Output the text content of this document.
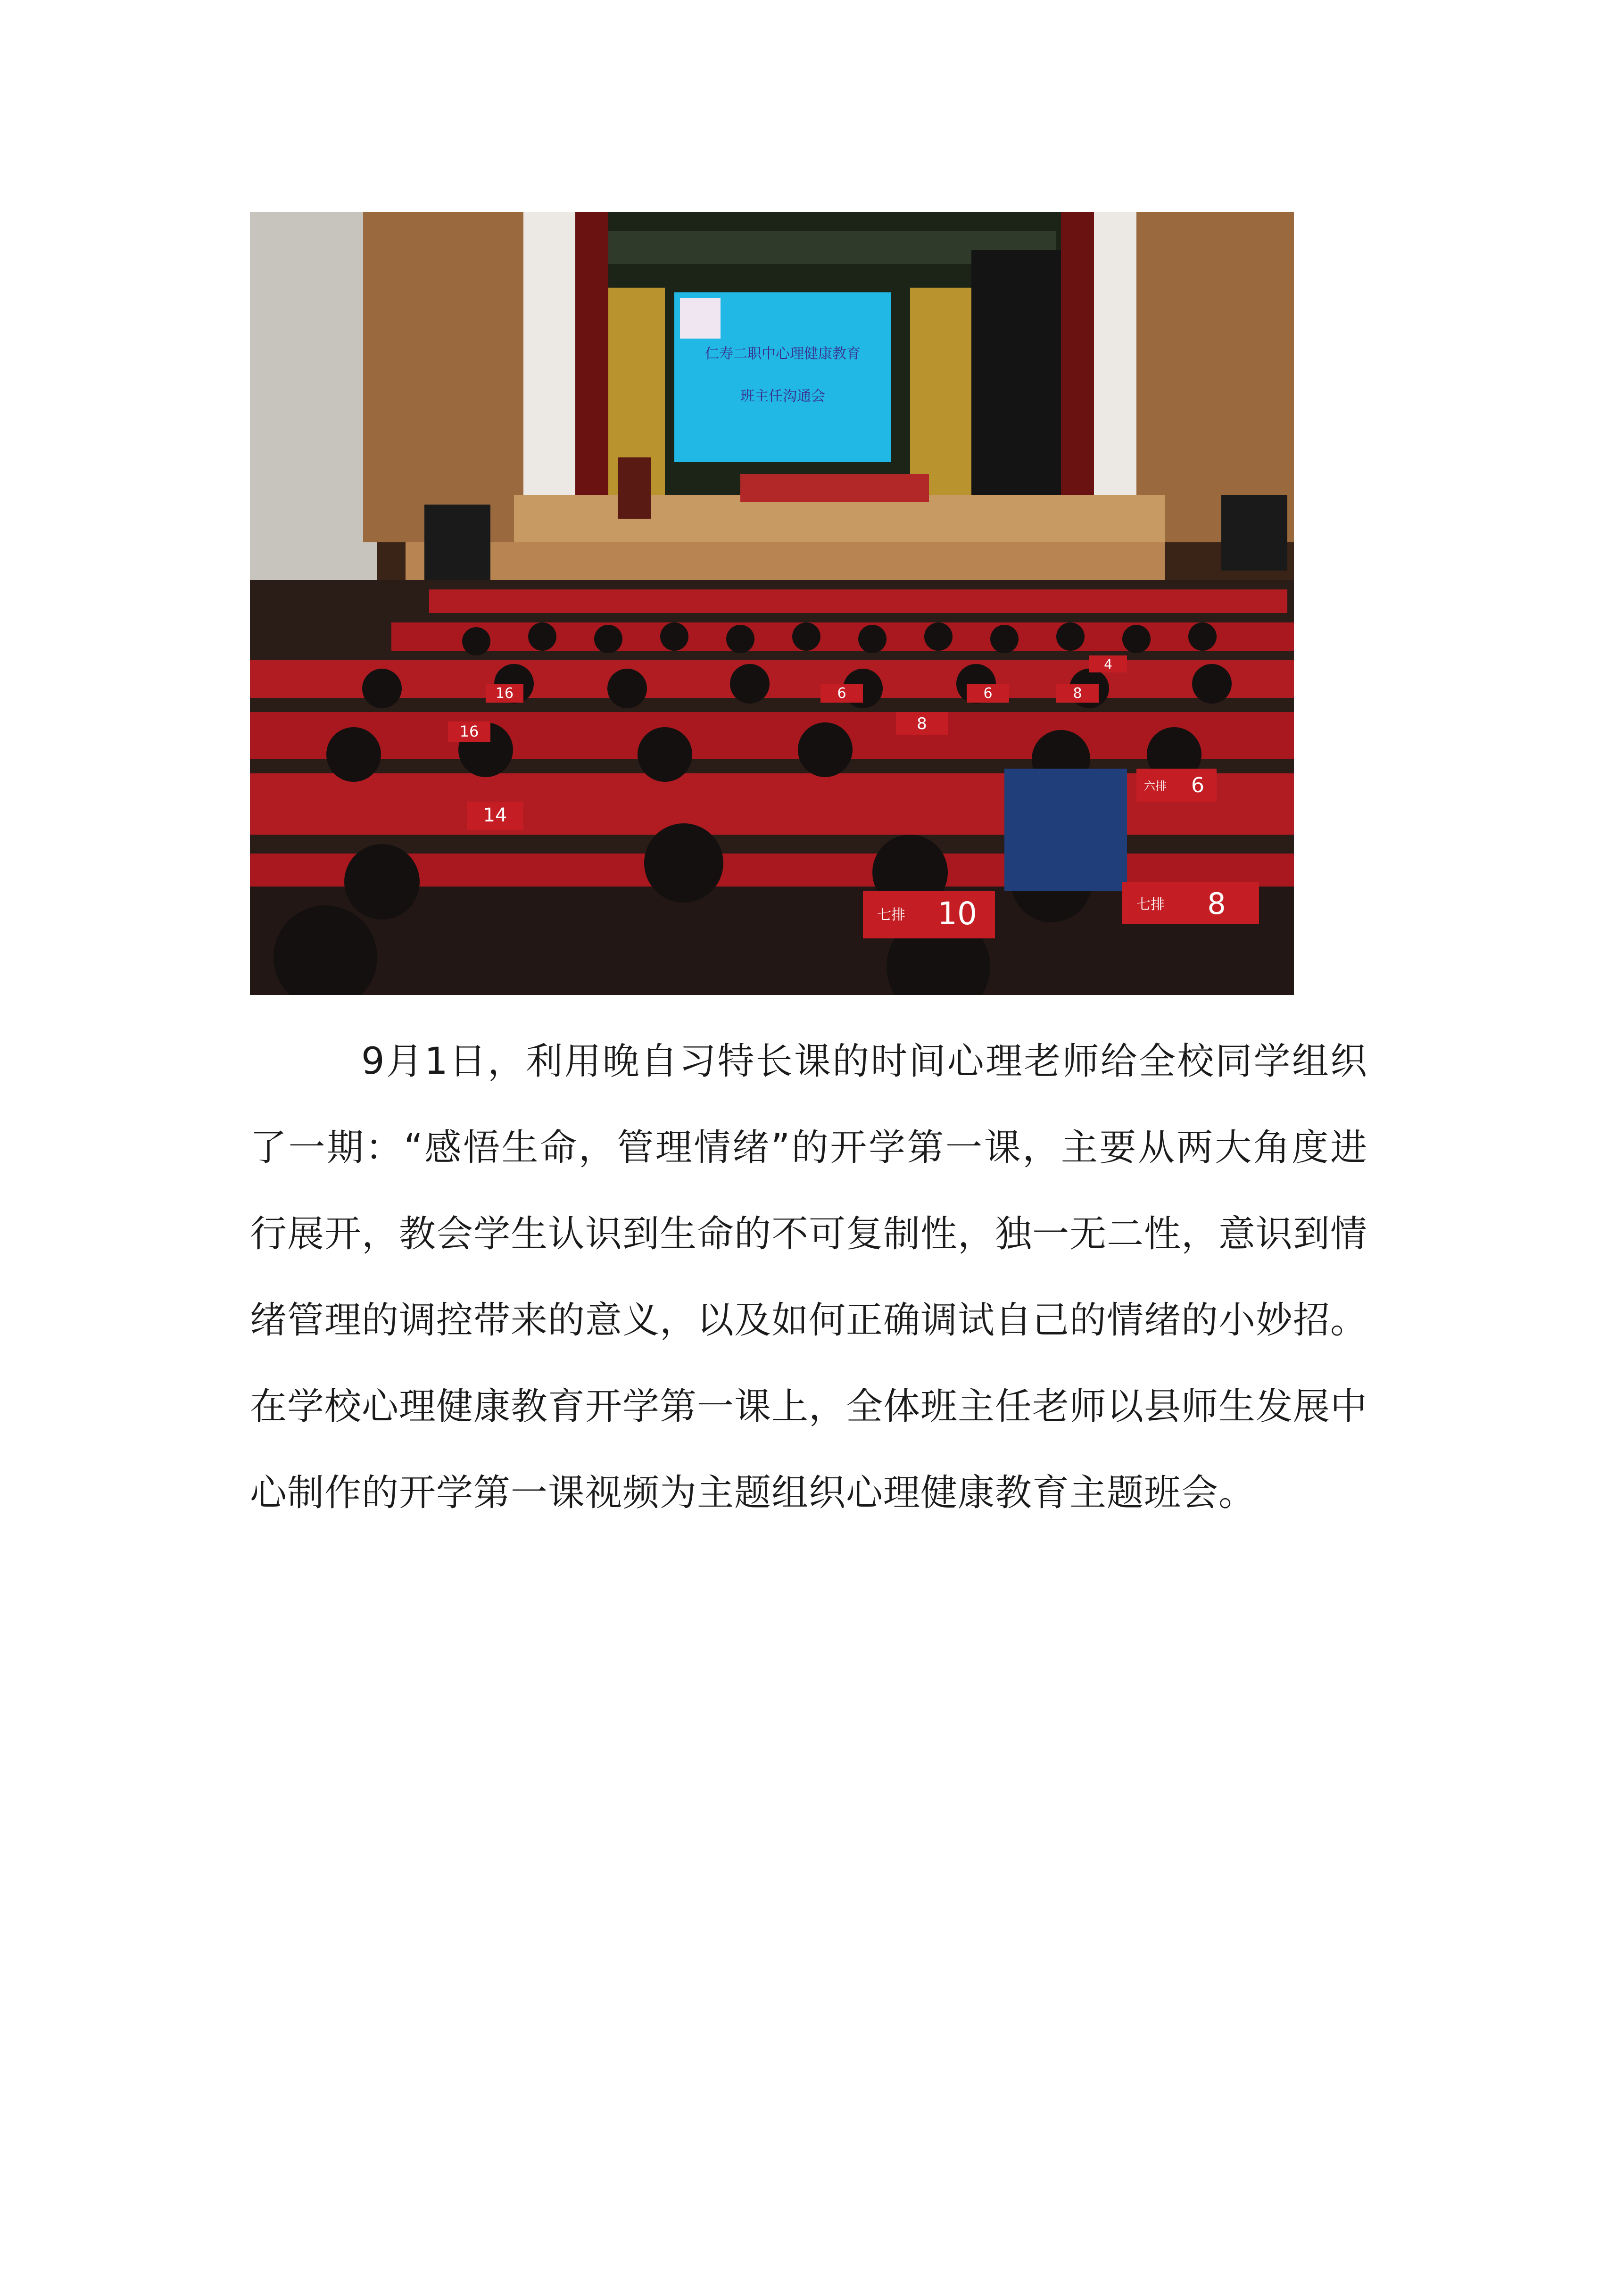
仁寿二职中心理健康教育
班主任沟通会
16
16	8
6
4
6	8
六排 6
14
七排 10	七排 8

9月1日，利用晚自习特长课的时间心理老师给全校同学组织了一期：“感悟生命，管理情绪”的开学第一课，主要从两大角度进行展开，教会学生认识到生命的不可复制性，独一无二性，意识到情绪管理的调控带来的意义，以及如何正确调试自己的情绪的小妙招。在学校心理健康教育开学第一课上，全体班主任老师以县师生发展中心制作的开学第一课视频为主题组织心理健康教育主题班会。
